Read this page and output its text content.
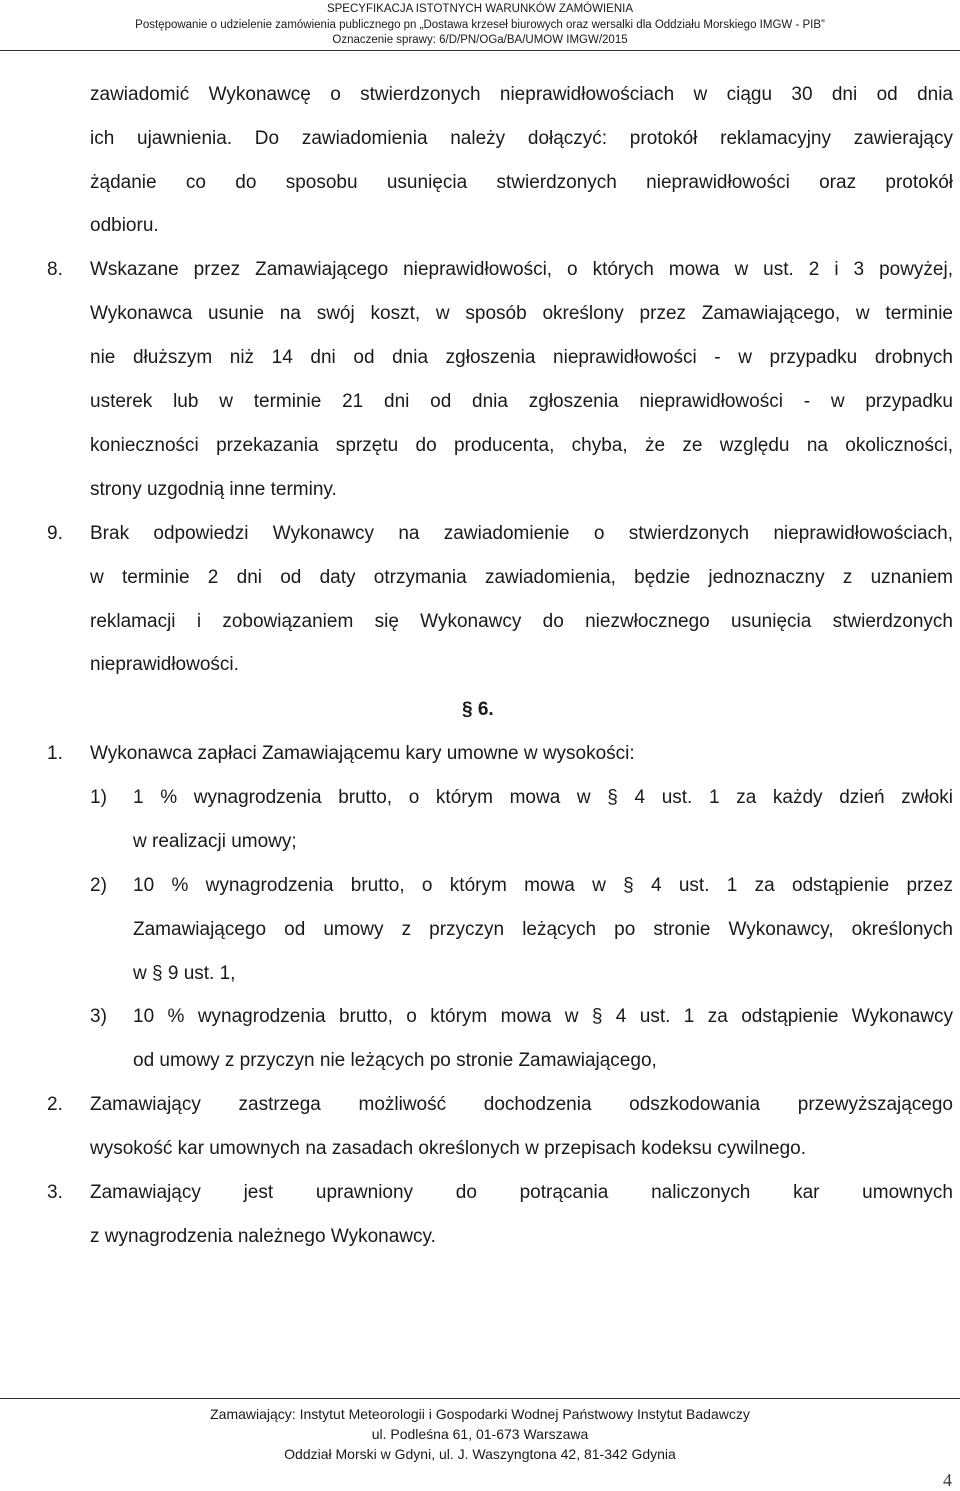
SPECYFIKACJA ISTOTNYCH WARUNKÓW ZAMÓWIENIA
Postępowanie o udzielenie zamówienia publicznego pn „Dostawa krzeseł biurowych oraz wersalki dla Oddziału Morskiego IMGW - PIB”
Oznaczenie sprawy: 6/D/PN/OGa/BA/UMOW IMGW/2015
zawiadomić Wykonawcę o stwierdzonych nieprawidłowościach w ciągu 30 dni od dnia
ich ujawnienia. Do zawiadomienia należy dołączyć: protokół reklamacyjny zawierający
żądanie co do sposobu usunięcia stwierdzonych nieprawidłowości oraz protokół
odbioru.
8. Wskazane przez Zamawiającego nieprawidłowości, o których mowa w ust. 2 i 3 powyżej,
Wykonawca usunie na swój koszt, w sposób określony przez Zamawiającego, w terminie
nie dłuższym niż 14 dni od dnia zgłoszenia nieprawidłowości - w przypadku drobnych
usterek lub w terminie 21 dni od dnia zgłoszenia nieprawidłowości - w przypadku
konieczności przekazania sprzętu do producenta, chyba, że ze względu na okoliczności,
strony uzgodnią inne terminy.
9. Brak odpowiedzi Wykonawcy na zawiadomienie o stwierdzonych nieprawidłowościach,
w terminie 2 dni od daty otrzymania zawiadomienia, będzie jednoznaczny z uznaniem
reklamacji i zobowiązaniem się Wykonawcy do niezwłocznego usunięcia stwierdzonych
nieprawidłowości.
§ 6.
1. Wykonawca zapłaci Zamawiającemu kary umowne w wysokości:
1) 1 % wynagrodzenia brutto, o którym mowa w § 4 ust. 1 za każdy dzień zwłoki
w realizacji umowy;
2) 10 % wynagrodzenia brutto, o którym mowa w § 4 ust. 1 za odstąpienie przez
Zamawiającego od umowy z przyczyn leżących po stronie Wykonawcy, określonych
w § 9 ust. 1,
3) 10 % wynagrodzenia brutto, o którym mowa w § 4 ust. 1 za odstąpienie Wykonawcy
od umowy z przyczyn nie leżących po stronie Zamawiającego,
2. Zamawiający zastrzega możliwość dochodzenia odszkodowania przewyższającego
wysokość kar umownych na zasadach określonych w przepisach kodeksu cywilnego.
3. Zamawiający jest uprawniony do potrącania naliczonych kar umownych
z wynagrodzenia należnego Wykonawcy.
Zamawiający: Instytut Meteorologii i Gospodarki Wodnej Państwowy Instytut Badawczy
ul. Podleśna 61, 01-673 Warszawa
Oddział Morski w Gdyni, ul. J. Waszyngtona 42, 81-342 Gdynia
4
